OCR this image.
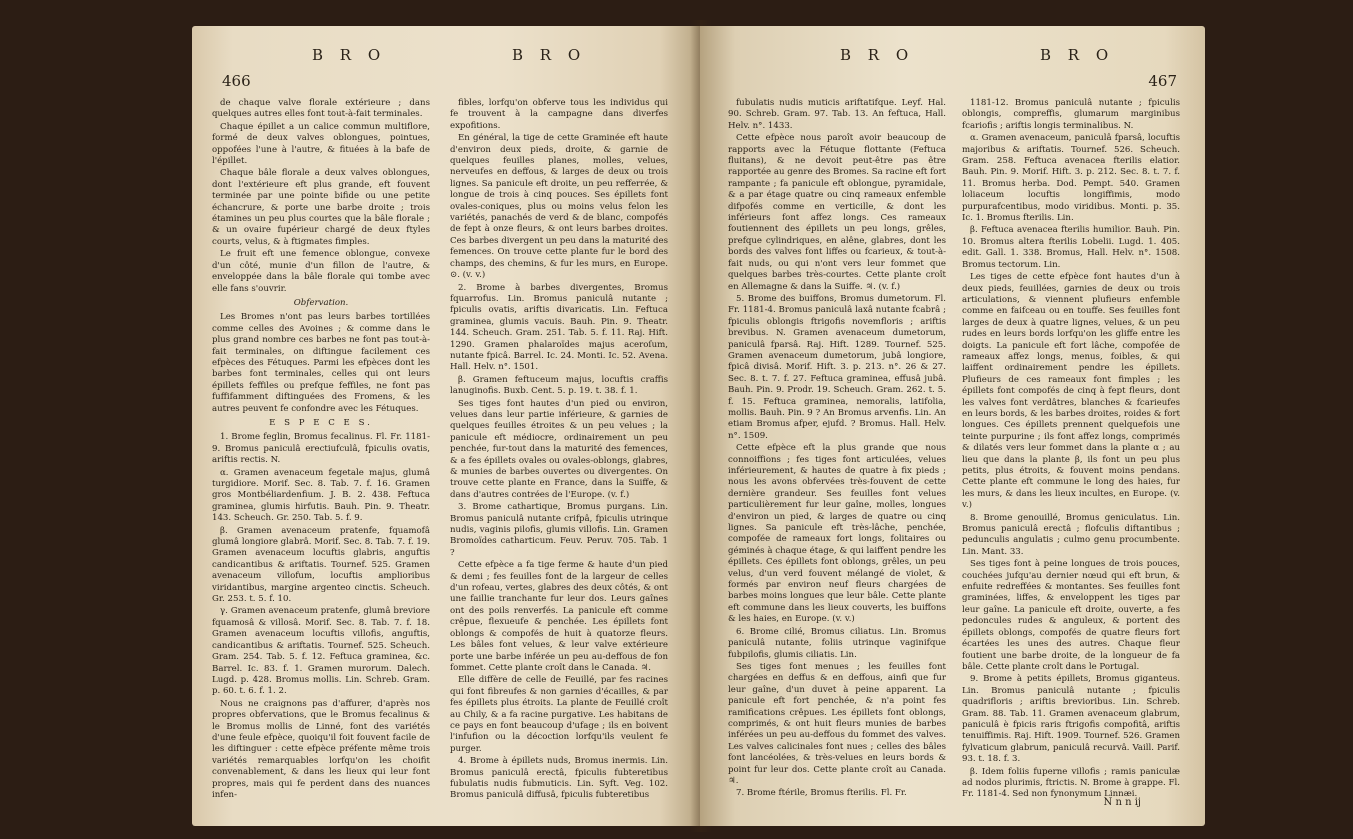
B R O	B R O
466

de chaque valve florale extérieure ; dans quelques autres elles font tout-à-fait terminales.

Chaque épillet a un calice commun multiflore, formé de deux valves oblongues, pointues, oppofées l'une à l'autre, & fituées à la bafe de l'épillet.

Chaque bâle florale a deux valves oblongues, dont l'extérieure eft plus grande, eft fouvent terminée par une pointe bifide ou une petite échancrure, & porte une barbe droite ; trois étamines un peu plus courtes que la bâle florale ; & un ovaire fupérieur chargé de deux ftyles courts, velus, & à ftigmates fimples.

Le fruit eft une femence oblongue, convexe d'un côté, munie d'un fillon de l'autre, & enveloppée dans la bâle florale qui tombe avec elle fans s'ouvrir.

Obfervation.

Les Bromes n'ont pas leurs barbes tortillées comme celles des Avoines ; & comme dans le plus grand nombre ces barbes ne font pas tout-à-fait terminales, on diftingue facilement ces efpèces des Fétuques. Parmi les efpèces dont les barbes font terminales, celles qui ont leurs épillets feffiles ou prefque feffiles, ne font pas fuffifamment diftinguées des Fromens, & les autres peuvent fe confondre avec les Fétuques.

E S P E C E S.

1. Brome feglin, Bromus fecalinus. Fl. Fr. 1181-9. Bromus paniculâ erectiufculâ, fpiculis ovatis, ariftis rectis. N.

α. Gramen avenaceum fegetale majus, glumâ turgidiore. Morif. Sec. 8. Tab. 7. f. 16. Gramen gros Montbéliardenfium. J. B. 2. 438. Feftuca graminea, glumis hirfutis. Bauh. Pin. 9. Theatr. 143. Scheuch. Gr. 250. Tab. 5. f. 9.

β. Gramen avenaceum pratenfe, fquamofâ glumâ longiore glabrâ. Morif. Sec. 8. Tab. 7. f. 19. Gramen avenaceum locuftis glabris, anguftis candicantibus & ariftatis. Tournef. 525. Gramen avenaceum villofum, locuftis amplioribus viridantibus, margine argenteo cinctis. Scheuch. Gr. 253. t. 5. f. 10.

γ. Gramen avenaceum pratenfe, glumâ breviore fquamosâ & villosâ. Morif. Sec. 8. Tab. 7. f. 18. Gramen avenaceum locuftis villofis, anguftis, candicantibus & ariftatis. Tournef. 525. Scheuch. Gram. 254. Tab. 5. f. 12. Feftuca graminea, &c. Barrel. Ic. 83. f. 1. Gramen murorum. Dalech. Lugd. p. 428. Bromus mollis. Lin. Schreb. Gram. p. 60. t. 6. f. 1. 2.

Nous ne craignons pas d'affurer, d'après nos propres obfervations, que le Bromus fecalinus & le Bromus mollis de Linné, font des variétés d'une feule efpèce, quoiqu'il foit fouvent facile de les diftinguer : cette efpèce préfente même trois variétés remarquables lorfqu'on les choifit convenablement, & dans les lieux qui leur font propres, mais qui fe perdent dans des nuances infen-

fibles, lorfqu'on obferve tous les individus qui fe trouvent à la campagne dans diverfes expofitions.

En général, la tige de cette Graminée eft haute d'environ deux pieds, droite, & garnie de quelques feuilles planes, molles, velues, nerveufes en deffous, & larges de deux ou trois lignes. Sa panicule eft droite, un peu refferrée, & longue de trois à cinq pouces. Ses épillets font ovales-coniques, plus ou moins velus felon les variétés, panachés de verd & de blanc, compofés de fept à onze fleurs, & ont leurs barbes droites. Ces barbes divergent un peu dans la maturité des femences. On trouve cette plante fur le bord des champs, des chemins, & fur les murs, en Europe. ⊙. (v. v.)

2. Brome à barbes divergentes, Bromus fquarrofus. Lin. Bromus paniculâ nutante ; fpiculis ovatis, ariftis divaricatis. Lin. Feftuca graminea, glumis vacuis. Bauh. Pin. 9. Theatr. 144. Scheuch. Gram. 251. Tab. 5. f. 11. Raj. Hift. 1290. Gramen phalaroïdes majus aceroſum, nutante fpicâ. Barrel. Ic. 24. Monti. Ic. 52. Avena. Hall. Helv. n°. 1501.

β. Gramen feftuceum majus, locuftis craffis lanuginofis. Buxb. Cent. 5. p. 19. t. 38. f. 1.

Ses tiges font hautes d'un pied ou environ, velues dans leur partie inférieure, & garnies de quelques feuilles étroites & un peu velues ; la panicule eft médiocre, ordinairement un peu penchée, fur-tout dans la maturité des femences, & a fes épillets ovales ou ovales-oblongs, glabres, & munies de barbes ouvertes ou divergentes. On trouve cette plante en France, dans la Suiffe, & dans d'autres contrées de l'Europe. (v. f.)

3. Brome cathartique, Bromus purgans. Lin. Bromus paniculâ nutante crifpâ, fpiculis utrinque nudis, vaginis pilofis, glumis villofis. Lin. Gramen Bromoïdes catharticum. Feuv. Peruv. 705. Tab. 1 ?

Cette efpèce a fa tige ferme & haute d'un pied & demi ; fes feuilles font de la largeur de celles d'un rofeau, vertes, glabres des deux côtés, & ont une faillie tranchante fur leur dos. Leurs gaînes ont des poils renverfés. La panicule eft comme crêpue, flexueufe & penchée. Les épillets font oblongs & compofés de huit à quatorze fleurs. Les bâles font velues, & leur valve extérieure porte une barbe inférée un peu au-deffous de fon fommet. Cette plante croît dans le Canada. ♃.

Elle diffère de celle de Feuillé, par fes racines qui font fibreufes & non garnies d'écailles, & par fes épillets plus étroits. La plante de Feuillé croît au Chily, & a fa racine purgative. Les habitans de ce pays en font beaucoup d'ufage ; ils en boivent l'infufion ou la décoction lorfqu'ils veulent fe purger.

4. Brome à épillets nuds, Bromus inermis. Lin. Bromus paniculâ erectâ, fpiculis fubteretibus fubulatis nudis fubmuticis. Lin. Syft. Veg. 102. Bromus paniculâ diffusâ, fpiculis fubteretibus

B R O	B R O
467

fubulatis nudis muticis ariftatifque. Leyf. Hal. 90. Schreb. Gram. 97. Tab. 13. An feftuca, Hall. Helv. n°. 1433.

Cette efpèce nous paroît avoir beaucoup de rapports avec la Fétuque flottante (Feftuca fluitans), & ne devoit peut-être pas être rapportée au genre des Bromes. Sa racine eft fort rampante ; fa panicule eft oblongue, pyramidale, & a par étage quatre ou cinq rameaux enfemble difpofés comme en verticille, & dont les inférieurs font affez longs. Ces rameaux foutiennent des épillets un peu longs, grêles, prefque cylindriques, en alêne, glabres, dont les bords des valves font liffes ou fcarieux, & tout-à-fait nuds, ou qui n'ont vers leur fommet que quelques barbes très-courtes. Cette plante croît en Allemagne & dans la Suiffe. ♃. (v. f.)

5. Brome des buiffons, Bromus dumetorum. Fl. Fr. 1181-4. Bromus paniculâ laxâ nutante fcabrâ ; fpiculis oblongis ftrigofis novemfloris ; ariftis brevibus. N. Gramen avenaceum dumetorum, paniculâ fparsâ. Raj. Hift. 1289. Tournef. 525. Gramen avenaceum dumetorum, jubâ longiore, fpicâ divisâ. Morif. Hift. 3. p. 213. n°. 26 & 27. Sec. 8. t. 7. f. 27. Feftuca graminea, effusâ jubâ. Bauh. Pin. 9. Prodr. 19. Scheuch. Gram. 262. t. 5. f. 15. Feftuca graminea, nemoralis, latifolia, mollis. Bauh. Pin. 9 ? An Bromus arvenfis. Lin. An etiam Bromus afper, ejufd. ? Bromus. Hall. Helv. n°. 1509.

Cette efpèce eft la plus grande que nous connoiffions ; fes tiges font articulées, velues inférieurement, & hautes de quatre à fix pieds ; nous les avons obfervées très-fouvent de cette dernière grandeur. Ses feuilles font velues particulièrement fur leur gaîne, molles, longues d'environ un pied, & larges de quatre ou cinq lignes. Sa panicule eft très-lâche, penchée, compofée de rameaux fort longs, folitaires ou géminés à chaque étage, & qui laiffent pendre les épillets. Ces épillets font oblongs, grêles, un peu velus, d'un verd fouvent mélangé de violet, & formés par environ neuf fleurs chargées de barbes moins longues que leur bâle. Cette plante eft commune dans les lieux couverts, les buiffons & les haies, en Europe. (v. v.)

6. Brome cilié, Bromus ciliatus. Lin. Bromus paniculâ nutante, foliis utrinque vaginifque fubpilofis, glumis ciliatis. Lin.

Ses tiges font menues ; les feuilles font chargées en deffus & en deffous, ainfi que fur leur gaîne, d'un duvet à peine apparent. La panicule eft fort penchée, & n'a point fes ramifications crêpues. Les épillets font oblongs, comprimés, & ont huit fleurs munies de barbes inférées un peu au-deffous du fommet des valves. Les valves calicinales font nues ; celles des bâles font lancéolées, & très-velues en leurs bords & point fur leur dos. Cette plante croît au Canada. ♃.

7. Brome ftérile, Bromus fterilis. Fl. Fr.

1181-12. Bromus paniculâ nutante ; fpiculis oblongis, compreffis, glumarum marginibus fcariofis ; ariftis longis terminalibus. N.

α. Gramen avenaceum, paniculâ fparsâ, locuftis majoribus & ariftatis. Tournef. 526. Scheuch. Gram. 258. Feftuca avenacea fterilis elatior. Bauh. Pin. 9. Morif. Hift. 3. p. 212. Sec. 8. t. 7. f. 11. Bromus herba. Dod. Pempt. 540. Gramen loliaceum locuftis longiffimis, modo purpurafcentibus, modo viridibus. Monti. p. 35. Ic. 1. Bromus fterilis. Lin.

β. Feftuca avenacea fterilis humilior. Bauh. Pin. 10. Bromus altera fterilis Lobelii. Lugd. 1. 405. edit. Gall. 1. 338. Bromus, Hall. Helv. n°. 1508. Bromus tectorum. Lin.

Les tiges de cette efpèce font hautes d'un à deux pieds, feuillées, garnies de deux ou trois articulations, & viennent plufieurs enfemble comme en faifceau ou en touffe. Ses feuilles font larges de deux à quatre lignes, velues, & un peu rudes en leurs bords lorfqu'on les gliffe entre les doigts. La panicule eft fort lâche, compofée de rameaux affez longs, menus, foibles, & qui laiffent ordinairement pendre les épillets. Plufieurs de ces rameaux font fimples ; les épillets font compofés de cinq à fept fleurs, dont les valves font verdâtres, blanches & fcarieufes en leurs bords, & les barbes droites, roides & fort longues. Ces épillets prennent quelquefois une teinte purpurine ; ils font affez longs, comprimés & dilatés vers leur fommet dans la plante α ; au lieu que dans la plante β, ils font un peu plus petits, plus étroits, & fouvent moins pendans. Cette plante eft commune le long des haies, fur les murs, & dans les lieux incultes, en Europe. (v. v.)

8. Brome genouillé, Bromus geniculatus. Lin. Bromus paniculâ erectâ ; flofculis diftantibus ; pedunculis angulatis ; culmo genu procumbente. Lin. Mant. 33.

Ses tiges font à peine longues de trois pouces, couchées jufqu'au dernier nœud qui eft brun, & enfuite redreffées & montantes. Ses feuilles font graminées, liffes, & enveloppent les tiges par leur gaîne. La panicule eft droite, ouverte, a fes pedoncules rudes & anguleux, & portent des épillets oblongs, compofés de quatre fleurs fort écartées les unes des autres. Chaque fleur foutient une barbe droite, de la longueur de fa bâle. Cette plante croît dans le Portugal.

9. Brome à petits épillets, Bromus giganteus. Lin. Bromus paniculâ nutante ; fpiculis quadrifloris ; ariftis brevioribus. Lin. Schreb. Gram. 88. Tab. 11. Gramen avenaceum glabrum, paniculâ è fpicis raris ftrigofis compofitâ, ariftis tenuiffimis. Raj. Hift. 1909. Tournef. 526. Gramen fylvaticum glabrum, paniculâ recurvâ. Vaill. Parif. 93. t. 18. f. 3.

β. Idem foliis fuperne villofis ; ramis paniculæ ad nodos plurimis, ftrictis. N. Brome à grappe. Fl. Fr. 1181-4. Sed non fynonymum Linnæi.

N n n ij
